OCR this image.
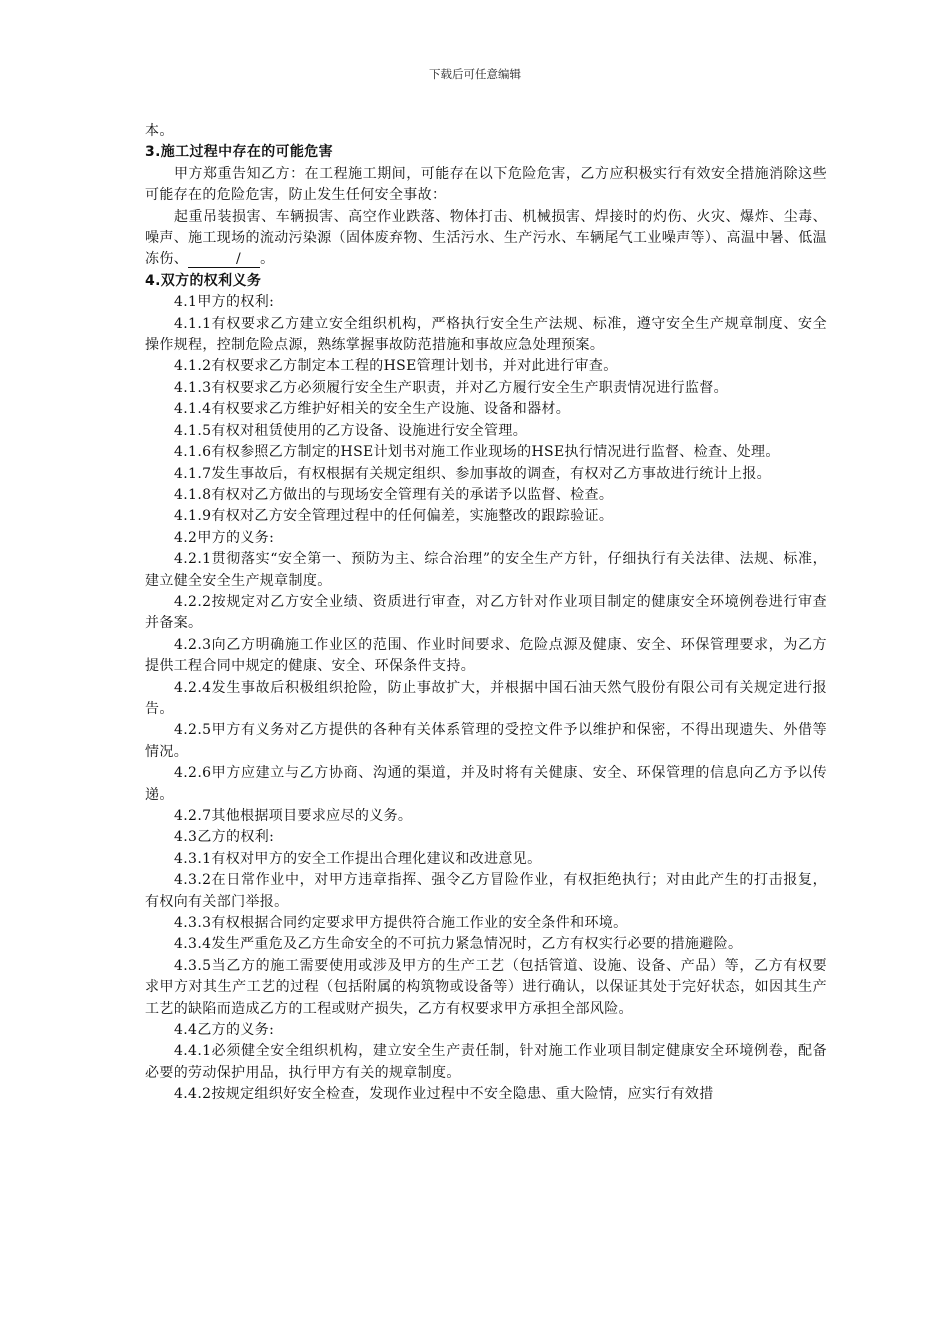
下载后可任意编辑

本。

3.施工过程中存在的可能危害

甲方郑重告知乙方：在工程施工期间，可能存在以下危险危害，乙方应积极实行有效安全措施消除这些可能存在的危险危害，防止发生任何安全事故：

起重吊装损害、车辆损害、高空作业跌落、物体打击、机械损害、焊接时的灼伤、火灾、爆炸、尘毒、噪声、施工现场的流动污染源（固体废弃物、生活污水、生产污水、车辆尾气工业噪声等）、高温中暑、低温冻伤、	/ 。

4.双方的权利义务

4.1甲方的权利:

4.1.1有权要求乙方建立安全组织机构，严格执行安全生产法规、标准，遵守安全生产规章制度、安全操作规程，控制危险点源，熟练掌握事故防范措施和事故应急处理预案。

4.1.2有权要求乙方制定本工程的HSE管理计划书，并对此进行审查。

4.1.3有权要求乙方必须履行安全生产职责，并对乙方履行安全生产职责情况进行监督。

4.1.4有权要求乙方维护好相关的安全生产设施、设备和器材。

4.1.5有权对租赁使用的乙方设备、设施进行安全管理。

4.1.6有权参照乙方制定的HSE计划书对施工作业现场的HSE执行情况进行监督、检查、处理。

4.1.7发生事故后，有权根据有关规定组织、参加事故的调查，有权对乙方事故进行统计上报。

4.1.8有权对乙方做出的与现场安全管理有关的承诺予以监督、检查。

4.1.9有权对乙方安全管理过程中的任何偏差，实施整改的跟踪验证。

4.2甲方的义务:

4.2.1贯彻落实“安全第一、预防为主、综合治理”的安全生产方针，仔细执行有关法律、法规、标准，建立健全安全生产规章制度。

4.2.2按规定对乙方安全业绩、资质进行审查，对乙方针对作业项目制定的健康安全环境例卷进行审查并备案。

4.2.3向乙方明确施工作业区的范围、作业时间要求、危险点源及健康、安全、环保管理要求，为乙方提供工程合同中规定的健康、安全、环保条件支持。

4.2.4发生事故后积极组织抢险，防止事故扩大，并根据中国石油天然气股份有限公司有关规定进行报告。

4.2.5甲方有义务对乙方提供的各种有关体系管理的受控文件予以维护和保密，不得出现遗失、外借等情况。

4.2.6甲方应建立与乙方协商、沟通的渠道，并及时将有关健康、安全、环保管理的信息向乙方予以传递。

4.2.7其他根据项目要求应尽的义务。

4.3乙方的权利:

4.3.1有权对甲方的安全工作提出合理化建议和改进意见。

4.3.2在日常作业中，对甲方违章指挥、强令乙方冒险作业，有权拒绝执行；对由此产生的打击报复，有权向有关部门举报。

4.3.3有权根据合同约定要求甲方提供符合施工作业的安全条件和环境。

4.3.4发生严重危及乙方生命安全的不可抗力紧急情况时，乙方有权实行必要的措施避险。

4.3.5当乙方的施工需要使用或涉及甲方的生产工艺（包括管道、设施、设备、产品）等，乙方有权要求甲方对其生产工艺的过程（包括附属的构筑物或设备等）进行确认，以保证其处于完好状态，如因其生产工艺的缺陷而造成乙方的工程或财产损失，乙方有权要求甲方承担全部风险。

4.4乙方的义务:

4.4.1必须健全安全组织机构，建立安全生产责任制，针对施工作业项目制定健康安全环境例卷，配备必要的劳动保护用品，执行甲方有关的规章制度。

4.4.2按规定组织好安全检查，发现作业过程中不安全隐患、重大险情，应实行有效措
